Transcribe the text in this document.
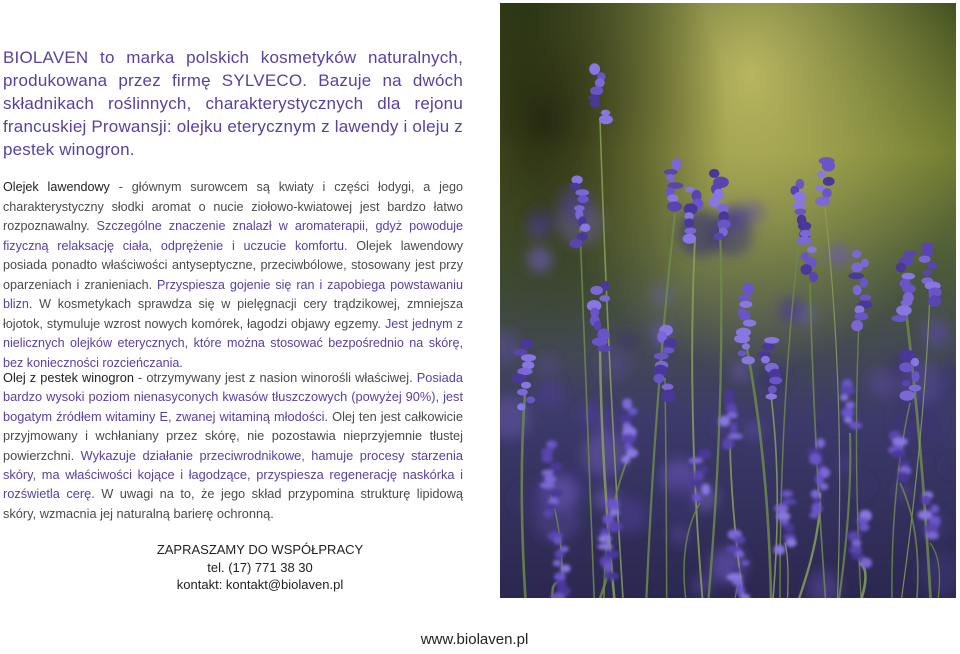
BIOLAVEN to marka polskich kosmetyków naturalnych, produkowana przez firmę SYLVECO. Bazuje na dwóch składnikach roślinnych, charakterystycznych dla rejonu francuskiej Prowansji: olejku eterycznym z lawendy i oleju z pestek winogron.
Olejek lawendowy - głównym surowcem są kwiaty i części łodygi, a jego charakterystyczny słodki aromat o nucie ziołowo-kwiatowej jest bardzo łatwo rozpoznawalny. Szczególne znaczenie znalazł w aromaterapii, gdyż powoduje fizyczną relaksację ciała, odprężenie i uczucie komfortu. Olejek lawendowy posiada ponadto właściwości antyseptyczne, przeciwbólowe, stosowany jest przy oparzeniach i zranieniach. Przyspiesza gojenie się ran i zapobiega powstawaniu blizn. W kosmetykach sprawdza się w pielęgnacji cery trądzikowej, zmniejsza łojotok, stymuluje wzrost nowych komórek, łagodzi objawy egzemy. Jest jednym z nielicznych olejków eterycznych, które można stosować bezpośrednio na skórę, bez konieczności rozcieńczania.
Olej z pestek winogron - otrzymywany jest z nasion winorośli właściwej. Posiada bardzo wysoki poziom nienasyconych kwasów tłuszczowych (powyżej 90%), jest bogatym źródłem witaminy E, zwanej witaminą młodości. Olej ten jest całkowicie przyjmowany i wchłaniany przez skórę, nie pozostawia nieprzyjemnie tłustej powierzchni. Wykazuje działanie przeciwrodnikowe, hamuje procesy starzenia skóry, ma właściwości kojące i łagodzące, przyspiesza regenerację naskórka i rozświetla cerę. W uwagi na to, że jego skład przypomina strukturę lipidową skóry, wzmacnia jej naturalną barierę ochronną.
ZAPRASZAMY DO WSPÓŁPRACY
tel. (17) 771 38 30
kontakt: kontakt@biolaven.pl
www.biolaven.pl
